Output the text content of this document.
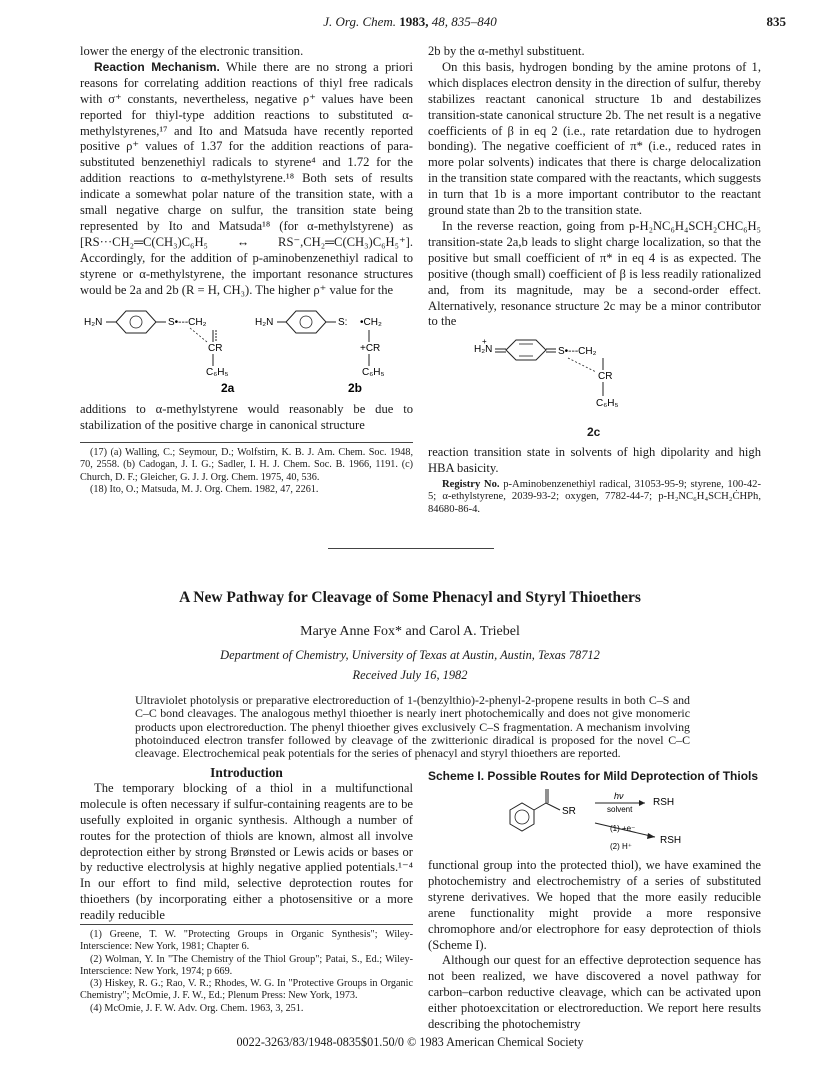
J. Org. Chem. 1983, 48, 835–840	835

lower the energy of the electronic transition.

Reaction Mechanism. While there are no strong a priori reasons for correlating addition reactions of thiyl free radicals with σ⁺ constants, nevertheless, negative ρ⁺ values have been reported for thiyl-type addition reactions to substituted α-methylstyrenes,¹⁷ and Ito and Matsuda have recently reported positive ρ⁺ values of 1.37 for the addition reactions of para-substituted benzenethiyl radicals to styrene⁴ and 1.72 for the addition reactions to α-methylstyrene.¹⁸ Both sets of results indicate a somewhat polar nature of the transition state, with a small negative charge on sulfur, the transition state being represented by Ito and Matsuda¹⁸ (for α-methylstyrene) as [RS···CH₂═C(CH₃)C₆H₅ ↔ RS⁻,CH₂═C(CH₃)C₆H₅⁺]. Accordingly, for the addition of p-aminobenzenethiyl radical to styrene or α-methylstyrene, the important resonance structures would be 2a and 2b (R = H, CH₃). The higher ρ⁺ value for the

H₂N	S•---CH₂
CR
C₆H₅
H₂N	S: •CH₂
+CR
C₆H₅
2a	2b

additions to α-methylstyrene would reasonably be due to stabilization of the positive charge in canonical structure

(17) (a) Walling, C.; Seymour, D.; Wolfstirn, K. B. J. Am. Chem. Soc. 1948, 70, 2558. (b) Cadogan, J. I. G.; Sadler, I. H. J. Chem. Soc. B. 1966, 1191. (c) Church, D. F.; Gleicher, G. J. J. Org. Chem. 1975, 40, 536.

(18) Ito, O.; Matsuda, M. J. Org. Chem. 1982, 47, 2261.

2b by the α-methyl substituent.

On this basis, hydrogen bonding by the amine protons of 1, which displaces electron density in the direction of sulfur, thereby stabilizes reactant canonical structure 1b and destabilizes transition-state canonical structure 2b. The net result is a negative coefficients of β in eq 2 (i.e., rate retardation due to hydrogen bonding). The negative coefficient of π* (i.e., reduced rates in more polar solvents) indicates that there is charge delocalization in the transition state compared with the reactants, which suggests in turn that 1b is a more important contributor to the reactant ground state than 2b to the transition state.

In the reverse reaction, going from p-H₂NC₆H₄SCH₂CHC₆H₅ transition-state 2a,b leads to slight charge localization, so that the positive but small coefficient of π* in eq 4 is as expected. The positive (though small) coefficient of β is less readily rationalized and, from its magnitude, may be a second-order effect. Alternatively, resonance structure 2c may be a minor contributor to the

H₂N
+
S•---CH₂
CR
C₆H₅
2c

reaction transition state in solvents of high dipolarity and high HBA basicity.

Registry No. p-Aminobenzenethiyl radical, 31053-95-9; styrene, 100-42-5; α-ethylstyrene, 2039-93-2; oxygen, 7782-44-7; p-H₂NC₆H₄SCH₂ĊHPh, 84680-86-4.

A New Pathway for Cleavage of Some Phenacyl and Styryl Thioethers
Marye Anne Fox* and Carol A. Triebel
Department of Chemistry, University of Texas at Austin, Austin, Texas 78712
Received July 16, 1982
Ultraviolet photolysis or preparative electroreduction of 1-(benzylthio)-2-phenyl-2-propene results in both C–S and C–C bond cleavages. The analogous methyl thioether is nearly inert photochemically and does not give monomeric products upon electroreduction. The phenyl thioether gives exclusively C–S fragmentation. A mechanism involving photoinduced electron transfer followed by cleavage of the zwitterionic diradical is proposed for the novel C–C cleavage. Electrochemical peak potentials for the series of phenacyl and styryl thioethers are reported.
Introduction

The temporary blocking of a thiol in a multifunctional molecule is often necessary if sulfur-containing reagents are to be usefully exploited in organic synthesis. Although a number of routes for the protection of thiols are known, almost all involve deprotection either by strong Brønsted or Lewis acids or bases or by reductive electrolysis at highly negative applied potentials.¹⁻⁴ In our effort to find mild, selective deprotection routes for thioethers (by incorporating either a photosensitive or a more readily reducible

(1) Greene, T. W. "Protecting Groups in Organic Synthesis"; Wiley-Interscience: New York, 1981; Chapter 6.

(2) Wolman, Y. In "The Chemistry of the Thiol Group"; Patai, S., Ed.; Wiley-Interscience: New York, 1974; p 669.

(3) Hiskey, R. G.; Rao, V. R.; Rhodes, W. G. In "Protective Groups in Organic Chemistry"; McOmie, J. F. W., Ed.; Plenum Press: New York, 1973.

(4) McOmie, J. F. W. Adv. Org. Chem. 1963, 3, 251.

Scheme I. Possible Routes for Mild Deprotection of Thiols
SR
hν
solvent
RSH
(1) +e⁻
(2) H⁺
RSH

functional group into the protected thiol), we have examined the photochemistry and electrochemistry of a series of substituted styrene derivatives. We hoped that the more easily reducible arene functionality might provide a more responsive chromophore and/or electrophore for easy deprotection of thiols (Scheme I).

Although our quest for an effective deprotection sequence has not been realized, we have discovered a novel pathway for carbon–carbon reductive cleavage, which can be activated upon either photoexcitation or electroreduction. We report here results describing the photochemistry

0022-3263/83/1948-0835$01.50/0 © 1983 American Chemical Society
